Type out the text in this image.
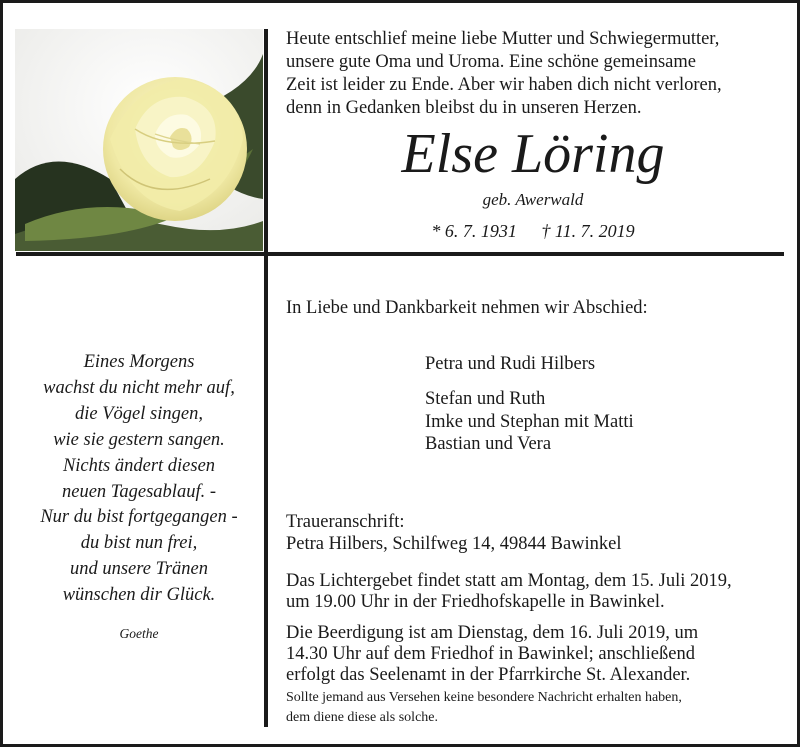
Heute entschlief meine liebe Mutter und Schwiegermutter,
unsere gute Oma und Uroma. Eine schöne gemeinsame
Zeit ist leider zu Ende. Aber wir haben dich nicht verloren,
denn in Gedanken bleibst du in unseren Herzen.
Else Löring
geb. Awerwald
* 6. 7. 1931 † 11. 7. 2019
Eines Morgens
wachst du nicht mehr auf,
die Vögel singen,
wie sie gestern sangen.
Nichts ändert diesen
neuen Tagesablauf. -
Nur du bist fortgegangen -
du bist nun frei,
und unsere Tränen
wünschen dir Glück.
Goethe
In Liebe und Dankbarkeit nehmen wir Abschied:
Petra und Rudi Hilbers
Stefan und Ruth
Imke und Stephan mit Matti
Bastian und Vera
Traueranschrift:
Petra Hilbers, Schilfweg 14, 49844 Bawinkel
Das Lichtergebet findet statt am Montag, dem 15. Juli 2019,
um 19.00 Uhr in der Friedhofskapelle in Bawinkel.
Die Beerdigung ist am Dienstag, dem 16. Juli 2019, um
14.30 Uhr auf dem Friedhof in Bawinkel; anschließend
erfolgt das Seelenamt in der Pfarrkirche St. Alexander.
Sollte jemand aus Versehen keine besondere Nachricht erhalten haben,
dem diene diese als solche.
